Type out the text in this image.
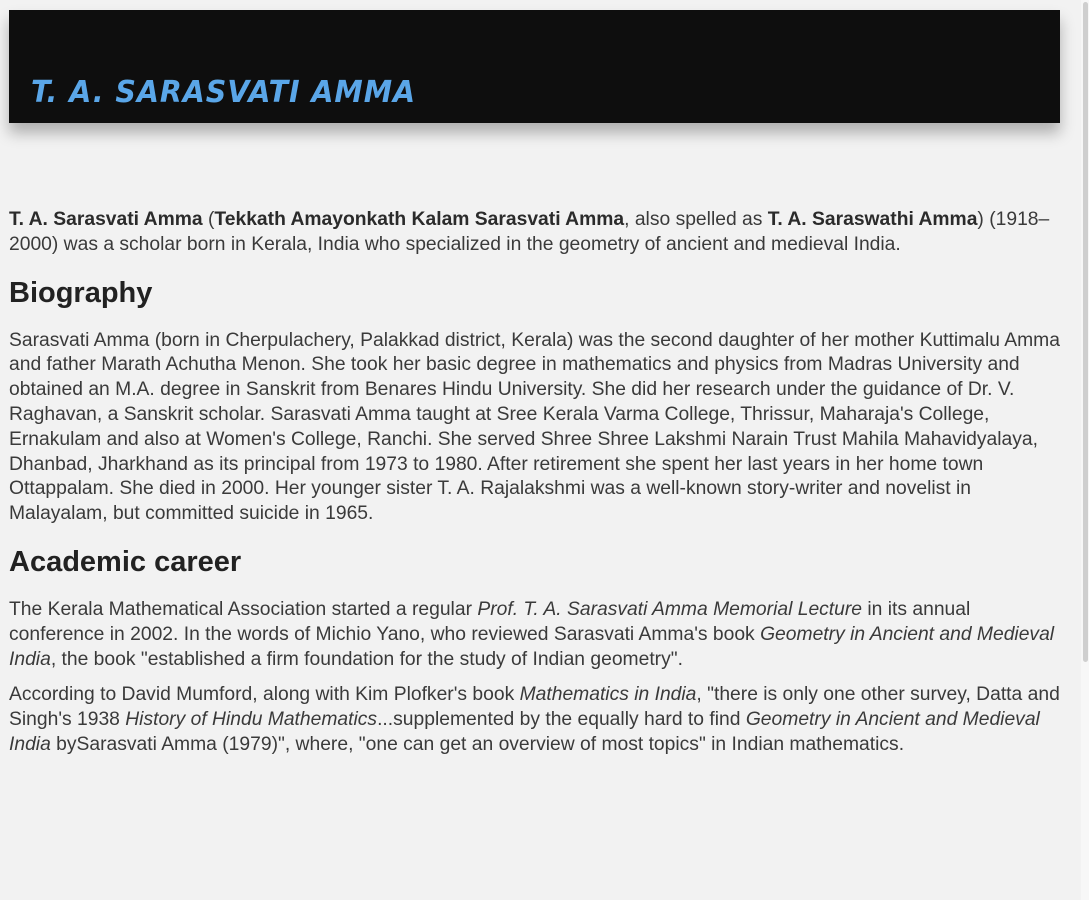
T. A. SARASVATI AMMA

T. A. Sarasvati Amma (Tekkath Amayonkath Kalam Sarasvati Amma, also spelled as T. A. Saraswathi Amma) (1918–2000) was a scholar born in Kerala, India who specialized in the geometry of ancient and medieval India.

Biography

Sarasvati Amma (born in Cherpulachery, Palakkad district, Kerala) was the second daughter of her mother Kuttimalu Amma and father Marath Achutha Menon. She took her basic degree in mathematics and physics from Madras University and obtained an M.A. degree in Sanskrit from Benares Hindu University. She did her research under the guidance of Dr. V. Raghavan, a Sanskrit scholar. Sarasvati Amma taught at Sree Kerala Varma College, Thrissur, Maharaja's College, Ernakulam and also at Women's College, Ranchi. She served Shree Shree Lakshmi Narain Trust Mahila Mahavidyalaya, Dhanbad, Jharkhand as its principal from 1973 to 1980. After retirement she spent her last years in her home town Ottappalam. She died in 2000. Her younger sister T. A. Rajalakshmi was a well-known story-writer and novelist in Malayalam, but committed suicide in 1965.

Academic career

The Kerala Mathematical Association started a regular Prof. T. A. Sarasvati Amma Memorial Lecture in its annual conference in 2002. In the words of Michio Yano, who reviewed Sarasvati Amma's book Geometry in Ancient and Medieval India, the book "established a firm foundation for the study of Indian geometry".

According to David Mumford, along with Kim Plofker's book Mathematics in India, "there is only one other survey, Datta and Singh's 1938 History of Hindu Mathematics...supplemented by the equally hard to find Geometry in Ancient and Medieval India bySarasvati Amma (1979)", where, "one can get an overview of most topics" in Indian mathematics.
